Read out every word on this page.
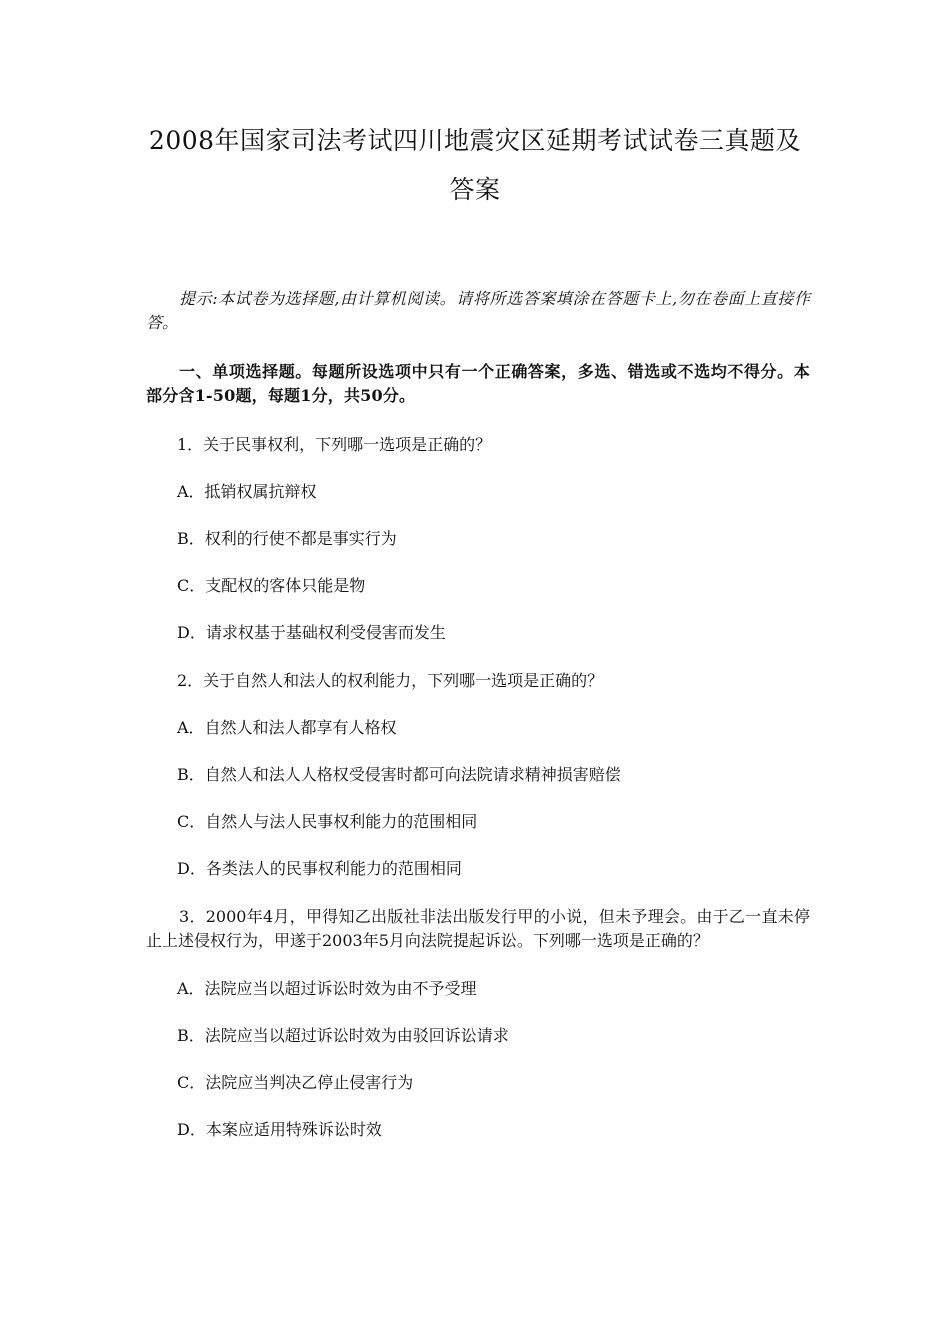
2008年国家司法考试四川地震灾区延期考试试卷三真题及
答案

提示:本试卷为选择题,由计算机阅读。请将所选答案填涂在答题卡上,勿在卷面上直接作答。

一、单项选择题。每题所设选项中只有一个正确答案，多选、错选或不选均不得分。本部分含1-50题，每题1分，共50分。

1．关于民事权利，下列哪一选项是正确的？

A．抵销权属抗辩权

B．权利的行使不都是事实行为

C．支配权的客体只能是物

D．请求权基于基础权利受侵害而发生

2．关于自然人和法人的权利能力，下列哪一选项是正确的？

A．自然人和法人都享有人格权

B．自然人和法人人格权受侵害时都可向法院请求精神损害赔偿

C．自然人与法人民事权利能力的范围相同

D．各类法人的民事权利能力的范围相同

3．2000年4月，甲得知乙出版社非法出版发行甲的小说，但未予理会。由于乙一直未停止上述侵权行为，甲遂于2003年5月向法院提起诉讼。下列哪一选项是正确的？

A．法院应当以超过诉讼时效为由不予受理

B．法院应当以超过诉讼时效为由驳回诉讼请求

C．法院应当判决乙停止侵害行为

D．本案应适用特殊诉讼时效
